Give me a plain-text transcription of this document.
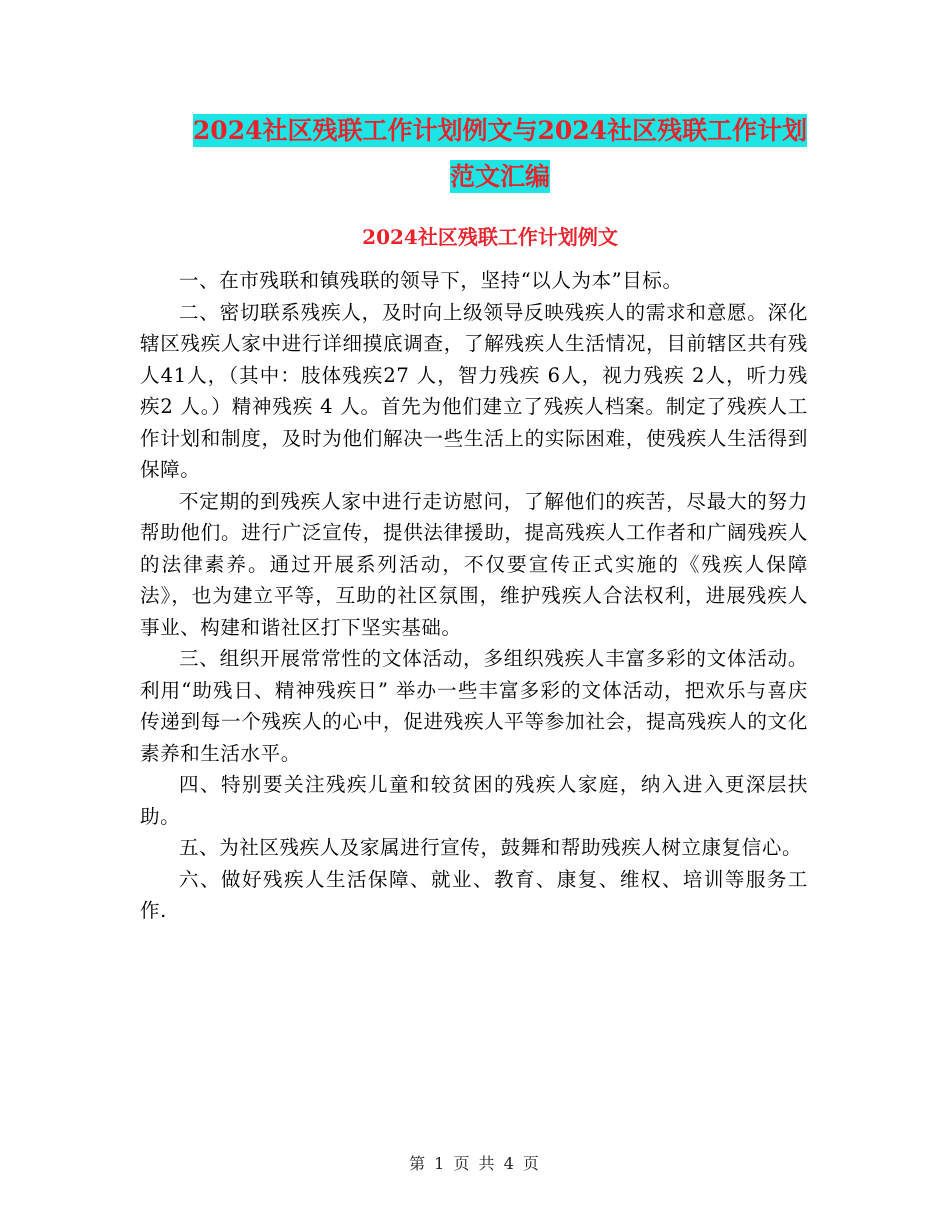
2024社区残联工作计划例文与2024社区残联工作计划
范文汇编
2024社区残联工作计划例文

一、在市残联和镇残联的领导下，坚持“以人为本”目标。

二、密切联系残疾人，及时向上级领导反映残疾人的需求和意愿。深化辖区残疾人家中进行详细摸底调查，了解残疾人生活情况，目前辖区共有残人41人，（其中：肢体残疾27 人，智力残疾 6人，视力残疾 2人，听力残疾2 人。）精神残疾 4 人。首先为他们建立了残疾人档案。制定了残疾人工作计划和制度，及时为他们解决一些生活上的实际困难，使残疾人生活得到保障。

不定期的到残疾人家中进行走访慰问，了解他们的疾苦，尽最大的努力帮助他们。进行广泛宣传，提供法律援助，提高残疾人工作者和广阔残疾人的法律素养。通过开展系列活动，不仅要宣传正式实施的《残疾人保障法》，也为建立平等，互助的社区氛围，维护残疾人合法权利，进展残疾人事业、构建和谐社区打下坚实基础。

三、组织开展常常性的文体活动，多组织残疾人丰富多彩的文体活动。利用“助残日、精神残疾日” 举办一些丰富多彩的文体活动，把欢乐与喜庆传递到每一个残疾人的心中，促进残疾人平等参加社会，提高残疾人的文化素养和生活水平。

四、特别要关注残疾儿童和较贫困的残疾人家庭，纳入进入更深层扶助。

五、为社区残疾人及家属进行宣传，鼓舞和帮助残疾人树立康复信心。

六、做好残疾人生活保障、就业、教育、康复、维权、培训等服务工作.

第 1 页 共 4 页
